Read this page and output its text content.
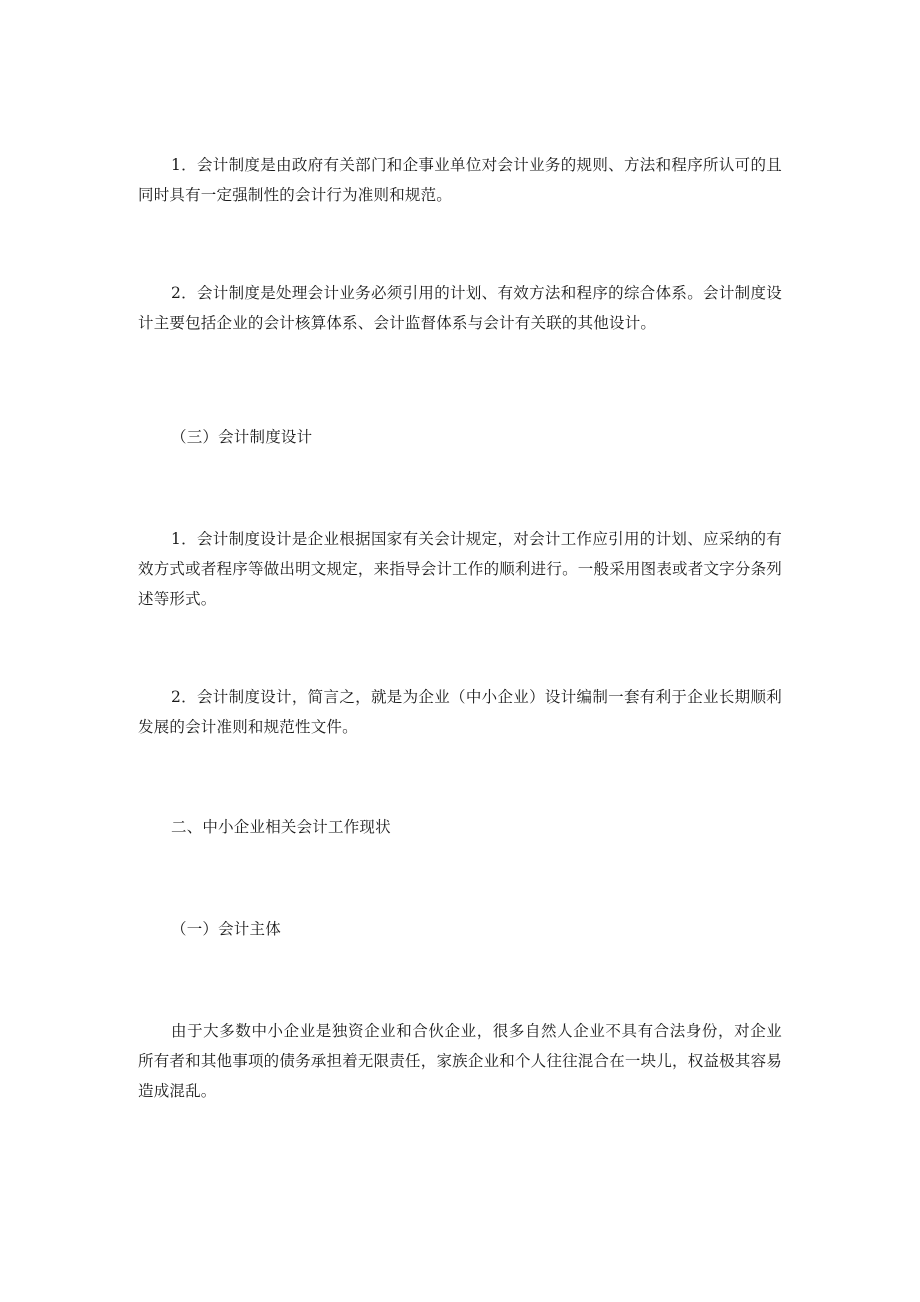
1．会计制度是由政府有关部门和企事业单位对会计业务的规则、方法和程序所认可的且同时具有一定强制性的会计行为准则和规范。

2．会计制度是处理会计业务必须引用的计划、有效方法和程序的综合体系。会计制度设计主要包括企业的会计核算体系、会计监督体系与会计有关联的其他设计。

（三）会计制度设计

1．会计制度设计是企业根据国家有关会计规定，对会计工作应引用的计划、应采纳的有效方式或者程序等做出明文规定，来指导会计工作的顺利进行。一般采用图表或者文字分条列述等形式。

2．会计制度设计，简言之，就是为企业（中小企业）设计编制一套有利于企业长期顺利发展的会计准则和规范性文件。

二、中小企业相关会计工作现状

（一）会计主体

由于大多数中小企业是独资企业和合伙企业，很多自然人企业不具有合法身份，对企业所有者和其他事项的债务承担着无限责任，家族企业和个人往往混合在一块儿，权益极其容易造成混乱。
